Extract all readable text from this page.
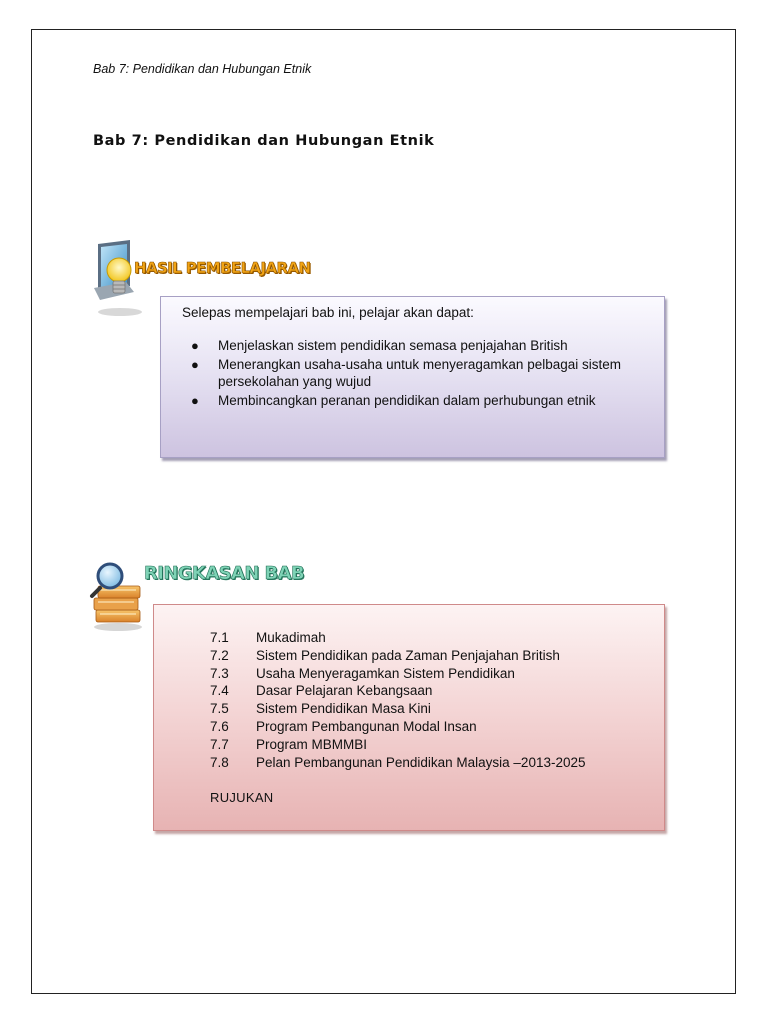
Bab 7: Pendidikan dan Hubungan Etnik
Bab 7: Pendidikan dan Hubungan Etnik
HASIL PEMBELAJARAN
Selepas mempelajari bab ini, pelajar akan dapat:
● Menjelaskan sistem pendidikan semasa penjajahan British
● Menerangkan usaha-usaha untuk menyeragamkan pelbagai sistem persekolahan yang wujud
● Membincangkan peranan pendidikan dalam perhubungan etnik
RINGKASAN BAB
7.1	Mukadimah
7.2	Sistem Pendidikan pada Zaman Penjajahan British
7.3	Usaha Menyeragamkan Sistem Pendidikan
7.4	Dasar Pelajaran Kebangsaan
7.5	Sistem Pendidikan Masa Kini
7.6	Program Pembangunan Modal Insan
7.7	Program MBMMBI
7.8	Pelan Pembangunan Pendidikan Malaysia –2013-2025
RUJUKAN
